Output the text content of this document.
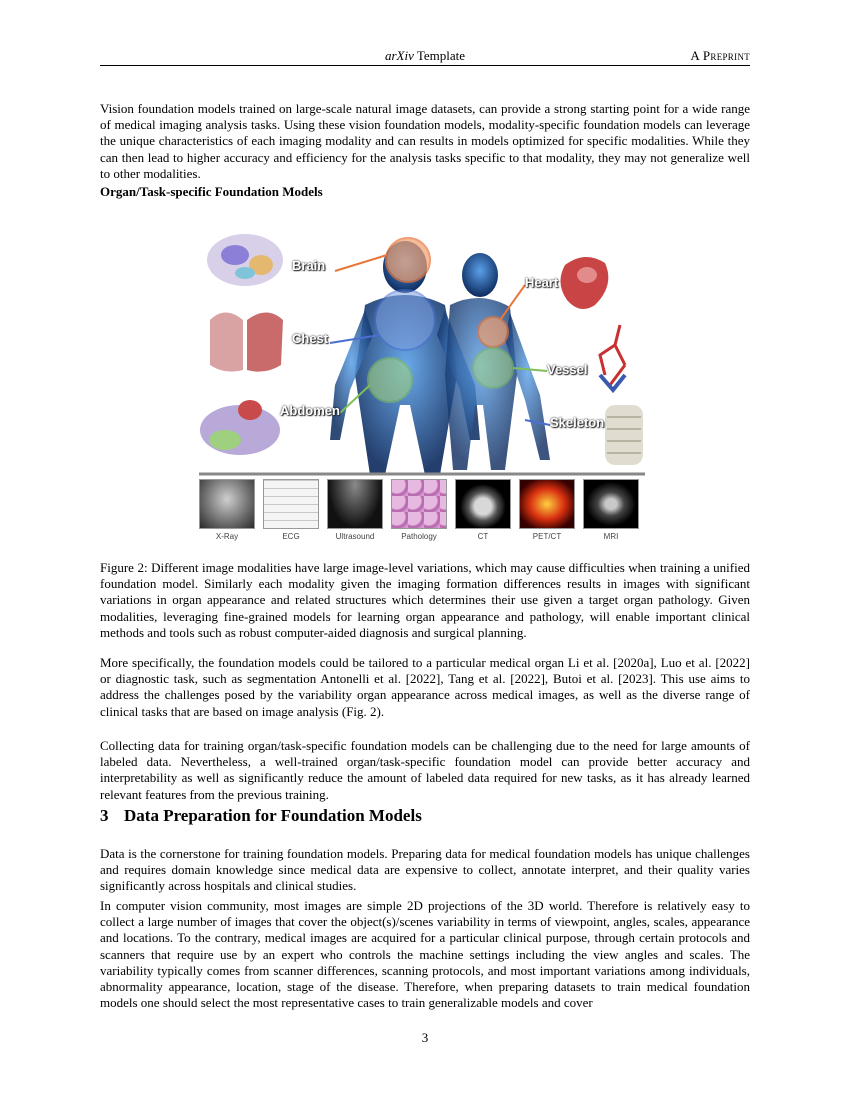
arXiv Template	A Preprint

Vision foundation models trained on large-scale natural image datasets, can provide a strong starting point for a wide range of medical imaging analysis tasks. Using these vision foundation models, modality-specific foundation models can leverage the unique characteristics of each imaging modality and can results in models optimized for specific modalities. While they can then lead to higher accuracy and efficiency for the analysis tasks specific to that modality, they may not generalize well to other modalities.

Organ/Task-specific Foundation Models
Brain
Chest
Abdomen
Heart
Vessel
Skeleton
X-Ray	ECG	Ultrasound	Pathology	CT	PET/CT	MRI

Figure 2: Different image modalities have large image-level variations, which may cause difficulties when training a unified foundation model. Similarly each modality given the imaging formation differences results in images with significant variations in organ appearance and related structures which determines their use given a target organ pathology. Given modalities, leveraging fine-grained models for learning organ appearance and pathology, will enable important clinical methods and tools such as robust computer-aided diagnosis and surgical planning.

More specifically, the foundation models could be tailored to a particular medical organ Li et al. [2020a], Luo et al. [2022] or diagnostic task, such as segmentation Antonelli et al. [2022], Tang et al. [2022], Butoi et al. [2023]. This use aims to address the challenges posed by the variability organ appearance across medical images, as well as the diverse range of clinical tasks that are based on image analysis (Fig. 2).

Collecting data for training organ/task-specific foundation models can be challenging due to the need for large amounts of labeled data. Nevertheless, a well-trained organ/task-specific foundation model can provide better accuracy and interpretability as well as significantly reduce the amount of labeled data required for new tasks, as it has already learned relevant features from the previous training.

3 Data Preparation for Foundation Models

Data is the cornerstone for training foundation models. Preparing data for medical foundation models has unique challenges and requires domain knowledge since medical data are expensive to collect, annotate interpret, and their quality varies significantly across hospitals and clinical studies.

In computer vision community, most images are simple 2D projections of the 3D world. Therefore is relatively easy to collect a large number of images that cover the object(s)/scenes variability in terms of viewpoint, angles, scales, appearance and locations. To the contrary, medical images are acquired for a particular clinical purpose, through certain protocols and scanners that require use by an expert who controls the machine settings including the view angles and scales. The variability typically comes from scanner differences, scanning protocols, and most important variations among individuals, abnormality appearance, location, stage of the disease. Therefore, when preparing datasets to train medical foundation models one should select the most representative cases to train generalizable models and cover

3
